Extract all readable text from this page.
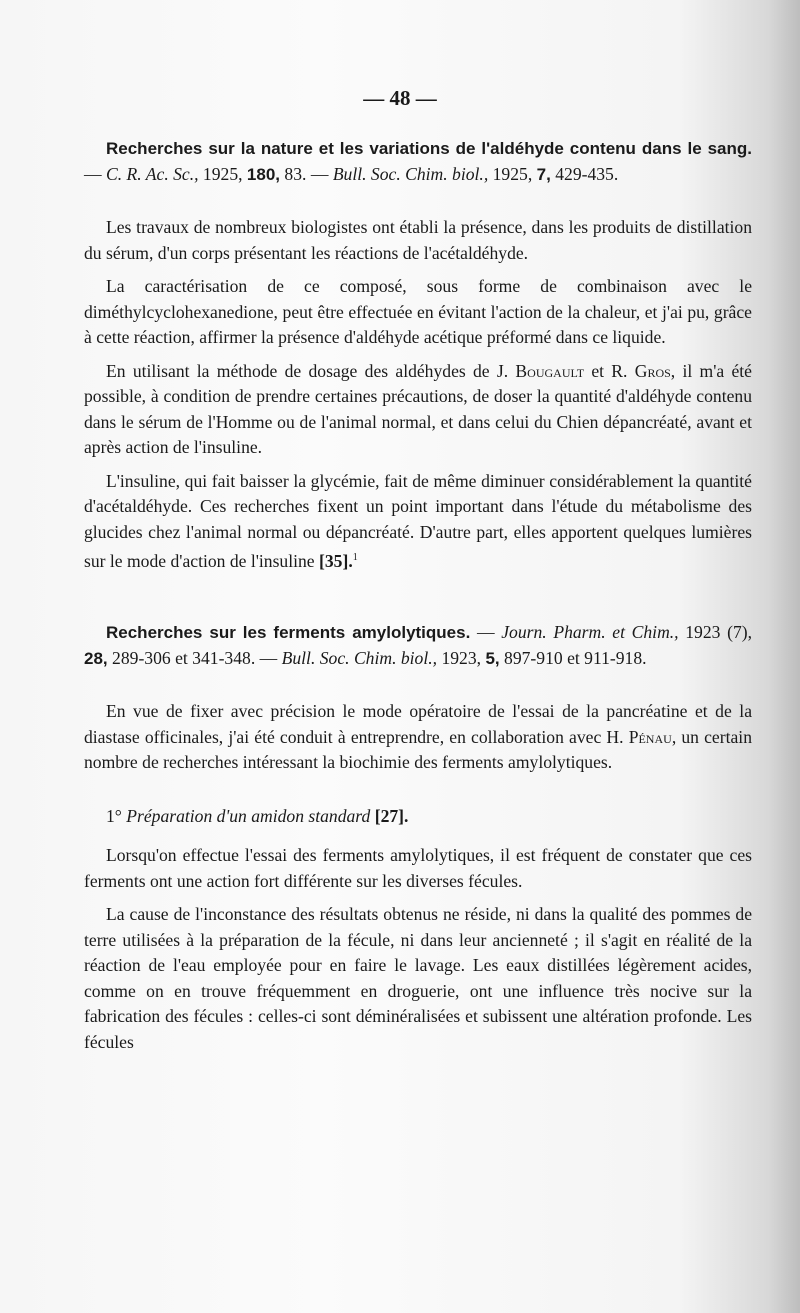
— 48 —
Recherches sur la nature et les variations de l'aldéhyde contenu dans le sang. — C. R. Ac. Sc., 1925, 180, 83. — Bull. Soc. Chim. biol., 1925, 7, 429-435.

Les travaux de nombreux biologistes ont établi la présence, dans les produits de distillation du sérum, d'un corps présentant les réactions de l'acétaldéhyde.

La caractérisation de ce composé, sous forme de combinaison avec le diméthylcyclohexanedione, peut être effectuée en évitant l'action de la chaleur, et j'ai pu, grâce à cette réaction, affirmer la présence d'aldéhyde acétique préformé dans ce liquide.

En utilisant la méthode de dosage des aldéhydes de J. Bougault et R. Gros, il m'a été possible, à condition de prendre certaines précautions, de doser la quantité d'aldéhyde contenu dans le sérum de l'Homme ou de l'animal normal, et dans celui du Chien dépancréaté, avant et après action de l'insuline.

L'insuline, qui fait baisser la glycémie, fait de même diminuer considérablement la quantité d'acétaldéhyde. Ces recherches fixent un point important dans l'étude du métabolisme des glucides chez l'animal normal ou dépancréaté. D'autre part, elles apportent quelques lumières sur le mode d'action de l'insuline [35].$^1$

Recherches sur les ferments amylolytiques. — Journ. Pharm. et Chim., 1923 (7), 28, 289-306 et 341-348. — Bull. Soc. Chim. biol., 1923, 5, 897-910 et 911-918.

En vue de fixer avec précision le mode opératoire de l'essai de la pancréatine et de la diastase officinales, j'ai été conduit à entreprendre, en collaboration avec H. Pénau, un certain nombre de recherches intéressant la biochimie des ferments amylolytiques.

1° Préparation d'un amidon standard [27].

Lorsqu'on effectue l'essai des ferments amylolytiques, il est fréquent de constater que ces ferments ont une action fort différente sur les diverses fécules.

La cause de l'inconstance des résultats obtenus ne réside, ni dans la qualité des pommes de terre utilisées à la préparation de la fécule, ni dans leur ancienneté ; il s'agit en réalité de la réaction de l'eau employée pour en faire le lavage. Les eaux distillées légèrement acides, comme on en trouve fréquemment en droguerie, ont une influence très nocive sur la fabrication des fécules : celles-ci sont déminéralisées et subissent une altération profonde. Les fécules
